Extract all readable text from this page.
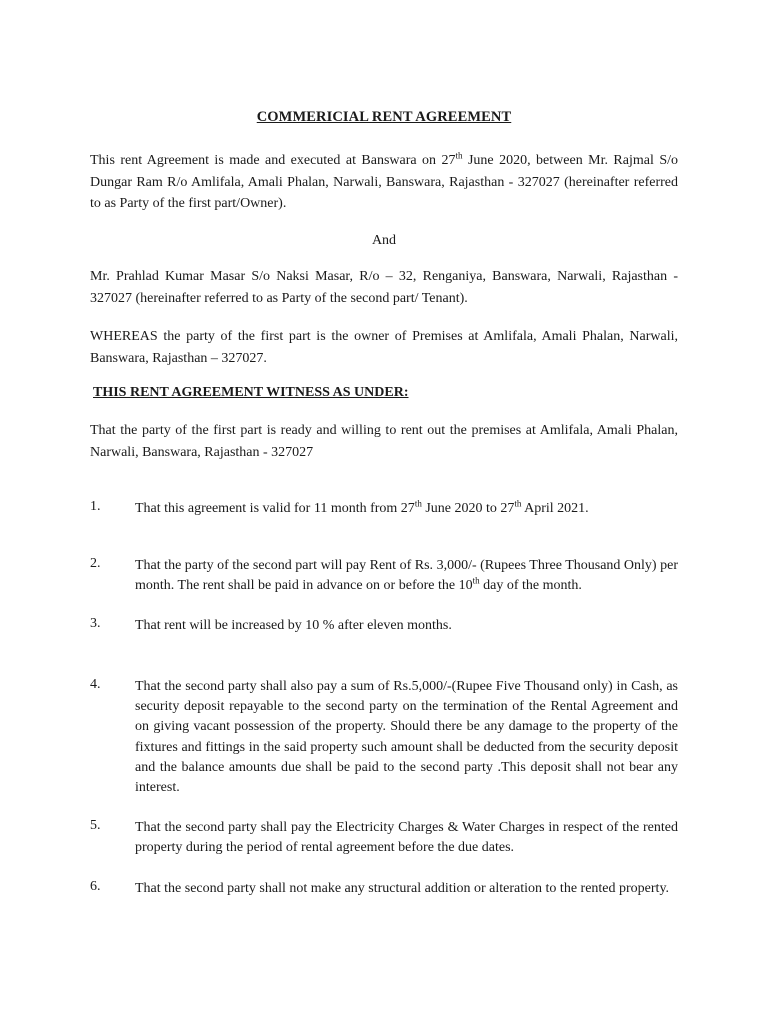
COMMERICIAL RENT AGREEMENT

This rent Agreement is made and executed at Banswara on 27th June 2020, between Mr. Rajmal S/o Dungar Ram R/o Amlifala, Amali Phalan, Narwali, Banswara, Rajasthan - 327027 (hereinafter referred to as Party of the first part/Owner).

And

Mr. Prahlad Kumar Masar S/o Naksi Masar, R/o – 32, Renganiya, Banswara, Narwali, Rajasthan - 327027 (hereinafter referred to as Party of the second part/ Tenant).

WHEREAS the party of the first part is the owner of Premises at Amlifala, Amali Phalan, Narwali, Banswara, Rajasthan – 327027.

THIS RENT AGREEMENT WITNESS AS UNDER:

That the party of the first part is ready and willing to rent out the premises at Amlifala, Amali Phalan, Narwali, Banswara, Rajasthan - 327027

1.	That this agreement is valid for 11 month from 27th June 2020 to 27th April 2021.

2.	That the party of the second part will pay Rent of Rs. 3,000/- (Rupees Three Thousand Only) per month. The rent shall be paid in advance on or before the 10th day of the month.

3.	That rent will be increased by 10 % after eleven months.

4.	That the second party shall also pay a sum of Rs.5,000/-(Rupee Five Thousand only) in Cash, as security deposit repayable to the second party on the termination of the Rental Agreement and on giving vacant possession of the property. Should there be any damage to the property of the fixtures and fittings in the said property such amount shall be deducted from the security deposit and the balance amounts due shall be paid to the second party .This deposit shall not bear any interest.

5.	That the second party shall pay the Electricity Charges & Water Charges in respect of the rented property during the period of rental agreement before the due dates.

6.	That the second party shall not make any structural addition or alteration to the rented property.
